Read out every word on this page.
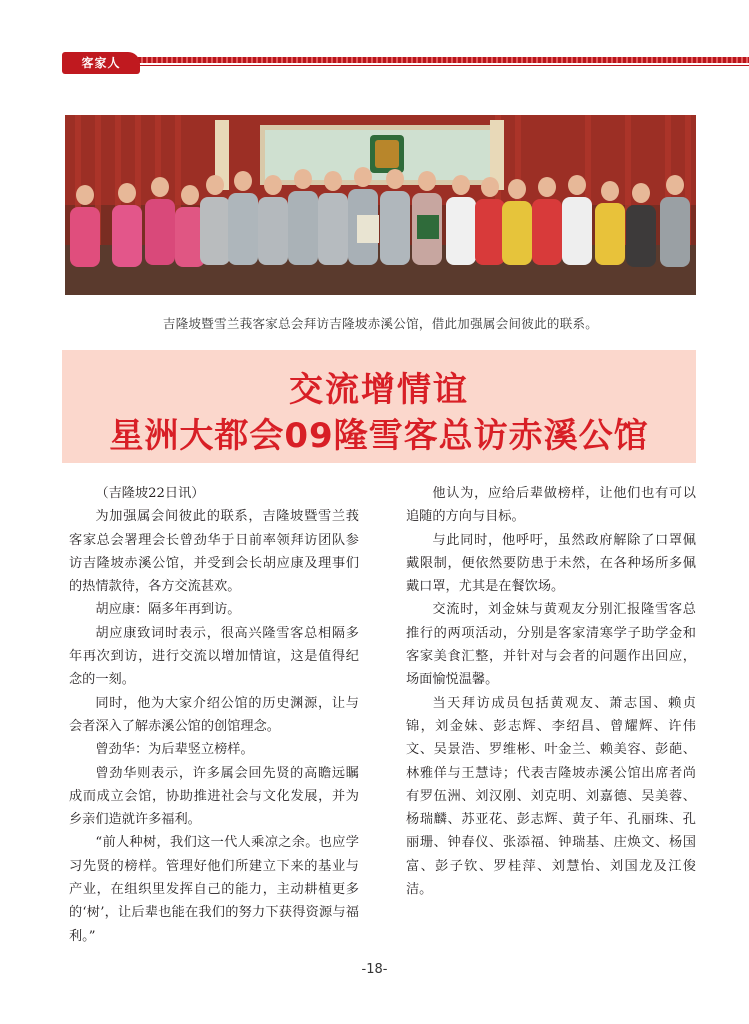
客家人
吉隆坡暨雪兰莪客家总会拜访吉隆坡赤溪公馆，借此加强属会间彼此的联系。
交流增情谊
星洲大都会09隆雪客总访赤溪公馆

（吉隆坡22日讯）

为加强属会间彼此的联系，吉隆坡暨雪兰莪客家总会署理会长曾劲华于日前率领拜访团队参访吉隆坡赤溪公馆，并受到会长胡应康及理事们的热情款待，各方交流甚欢。

胡应康：隔多年再到访。

胡应康致词时表示，很高兴隆雪客总相隔多年再次到访，进行交流以增加情谊，这是值得纪念的一刻。

同时，他为大家介绍公馆的历史渊源，让与会者深入了解赤溪公馆的创馆理念。

曾劲华：为后辈竖立榜样。

曾劲华则表示，许多属会回先贤的高瞻远瞩成而成立会馆，协助推进社会与文化发展，并为乡亲们造就许多福利。

“前人种树，我们这一代人乘凉之余。也应学习先贤的榜样。管理好他们所建立下来的基业与产业，在组织里发挥自己的能力，主动耕植更多的‘树’，让后辈也能在我们的努力下获得资源与福利。”

他认为，应给后辈做榜样，让他们也有可以追随的方向与目标。

与此同时，他呼吁，虽然政府解除了口罩佩戴限制，便依然要防患于未然，在各种场所多佩戴口罩，尤其是在餐饮场。

交流时，刘金妹与黄观友分别汇报隆雪客总推行的两项活动，分别是客家清寒学子助学金和客家美食汇整，并针对与会者的问题作出回应，场面愉悦温馨。

当天拜访成员包括黄观友、萧志国、赖贞锦，刘金妹、彭志辉、李绍昌、曾耀辉、许伟文、吴景浩、罗维彬、叶金兰、赖美容、彭葩、林雅佯与王慧诗；代表吉隆坡赤溪公馆出席者尚有罗伍洲、刘汉刚、刘克明、刘嘉德、吴美蓉、杨瑞麟、苏亚花、彭志辉、黄子年、孔丽珠、孔丽珊、钟春仪、张添福、钟瑞基、庄焕文、杨国富、彭子钦、罗桂萍、刘慧怡、刘国龙及江俊洁。

-18-
